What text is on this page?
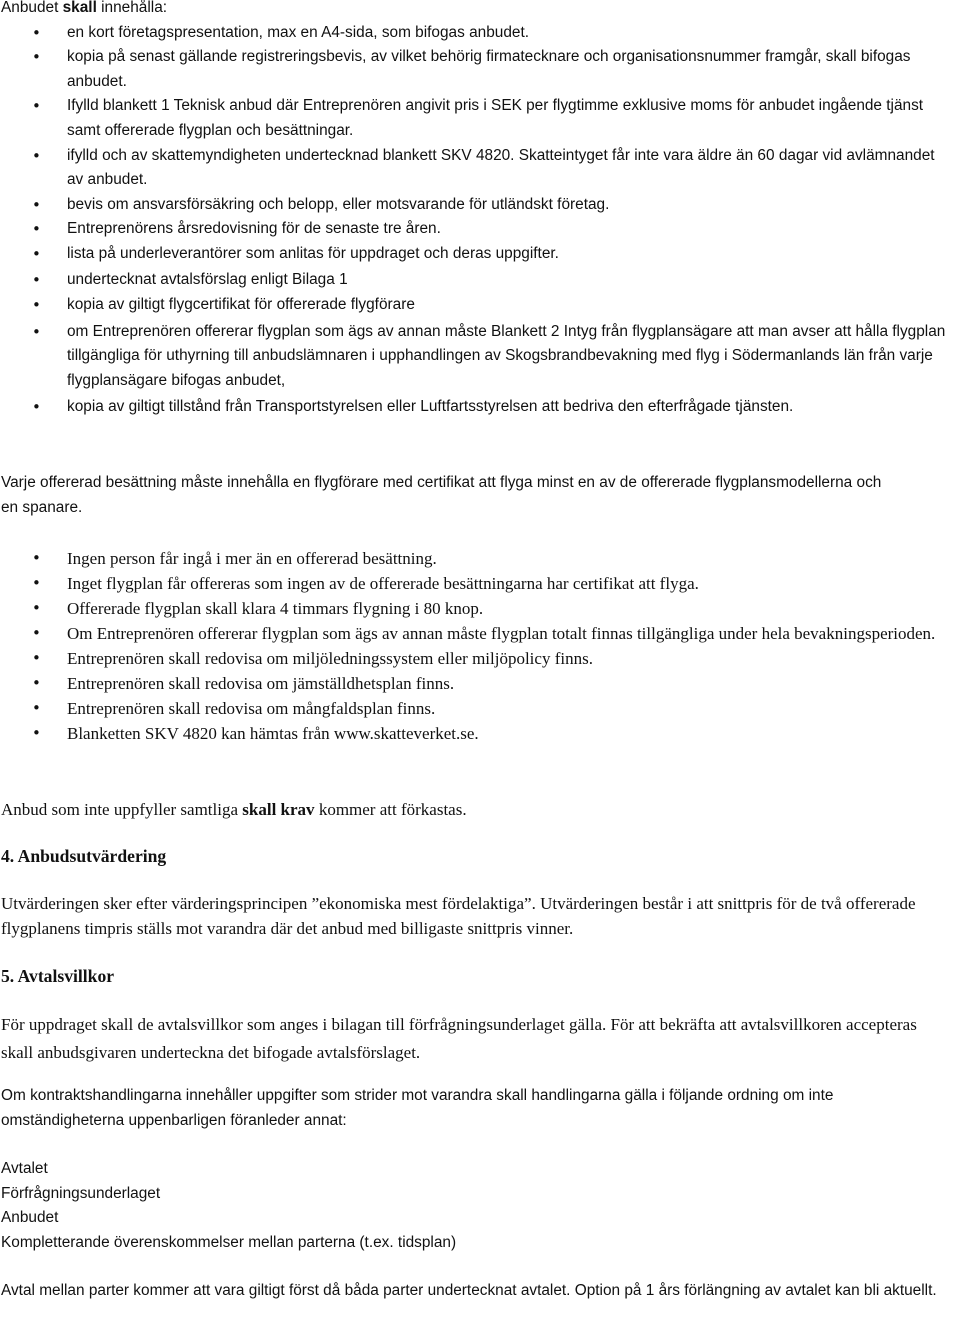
Anbudet skall innehålla:

• en kort företagspresentation, max en A4-sida, som bifogas anbudet.
• kopia på senast gällande registreringsbevis, av vilket behörig firmatecknare och organisationsnummer framgår, skall bifogas anbudet.
• Ifylld blankett 1 Teknisk anbud där Entreprenören angivit pris i SEK per flygtimme exklusive moms för anbudet ingående tjänst samt offererade flygplan och besättningar.
• ifylld och av skattemyndigheten undertecknad blankett SKV 4820. Skatteintyget får inte vara äldre än 60 dagar vid avlämnandet av anbudet.
• bevis om ansvarsförsäkring och belopp, eller motsvarande för utländskt företag.
• Entreprenörens årsredovisning för de senaste tre åren.
• lista på underleverantörer som anlitas för uppdraget och deras uppgifter.
• undertecknat avtalsförslag enligt Bilaga 1
• kopia av giltigt flygcertifikat för offererade flygförare
• om Entreprenören offererar flygplan som ägs av annan måste Blankett 2 Intyg från flygplansägare att man avser att hålla flygplan tillgängliga för uthyrning till anbudslämnaren i upphandlingen av Skogsbrandbevakning med flyg i Södermanlands län från varje flygplansägare bifogas anbudet,
• kopia av giltigt tillstånd från Transportstyrelsen eller Luftfartsstyrelsen att bedriva den efterfrågade tjänsten.

Varje offererad besättning måste innehålla en flygförare med certifikat att flyga minst en av de offererade flygplansmodellerna och en spanare.

• Ingen person får ingå i mer än en offererad besättning.
• Inget flygplan får offereras som ingen av de offererade besättningarna har certifikat att flyga.
• Offererade flygplan skall klara 4 timmars flygning i 80 knop.
• Om Entreprenören offererar flygplan som ägs av annan måste flygplan totalt finnas tillgängliga under hela bevakningsperioden.
• Entreprenören skall redovisa om miljöledningssystem eller miljöpolicy finns.
• Entreprenören skall redovisa om jämställdhetsplan finns.
• Entreprenören skall redovisa om mångfaldsplan finns.
• Blanketten SKV 4820 kan hämtas från www.skatteverket.se.

Anbud som inte uppfyller samtliga skall krav kommer att förkastas.

4. Anbudsutvärdering

Utvärderingen sker efter värderingsprincipen ”ekonomiska mest fördelaktiga”. Utvärderingen består i att snittpris för de två offererade flygplanens timpris ställs mot varandra där det anbud med billigaste snittpris vinner.

5. Avtalsvillkor

För uppdraget skall de avtalsvillkor som anges i bilagan till förfrågningsunderlaget gälla. För att bekräfta att avtalsvillkoren accepteras skall anbudsgivaren underteckna det bifogade avtalsförslaget.

Om kontraktshandlingarna innehåller uppgifter som strider mot varandra skall handlingarna gälla i följande ordning om inte omständigheterna uppenbarligen föranleder annat:

Avtalet

Förfrågningsunderlaget

Anbudet

Kompletterande överenskommelser mellan parterna (t.ex. tidsplan)

Avtal mellan parter kommer att vara giltigt först då båda parter undertecknat avtalet. Option på 1 års förlängning av avtalet kan bli aktuellt.
